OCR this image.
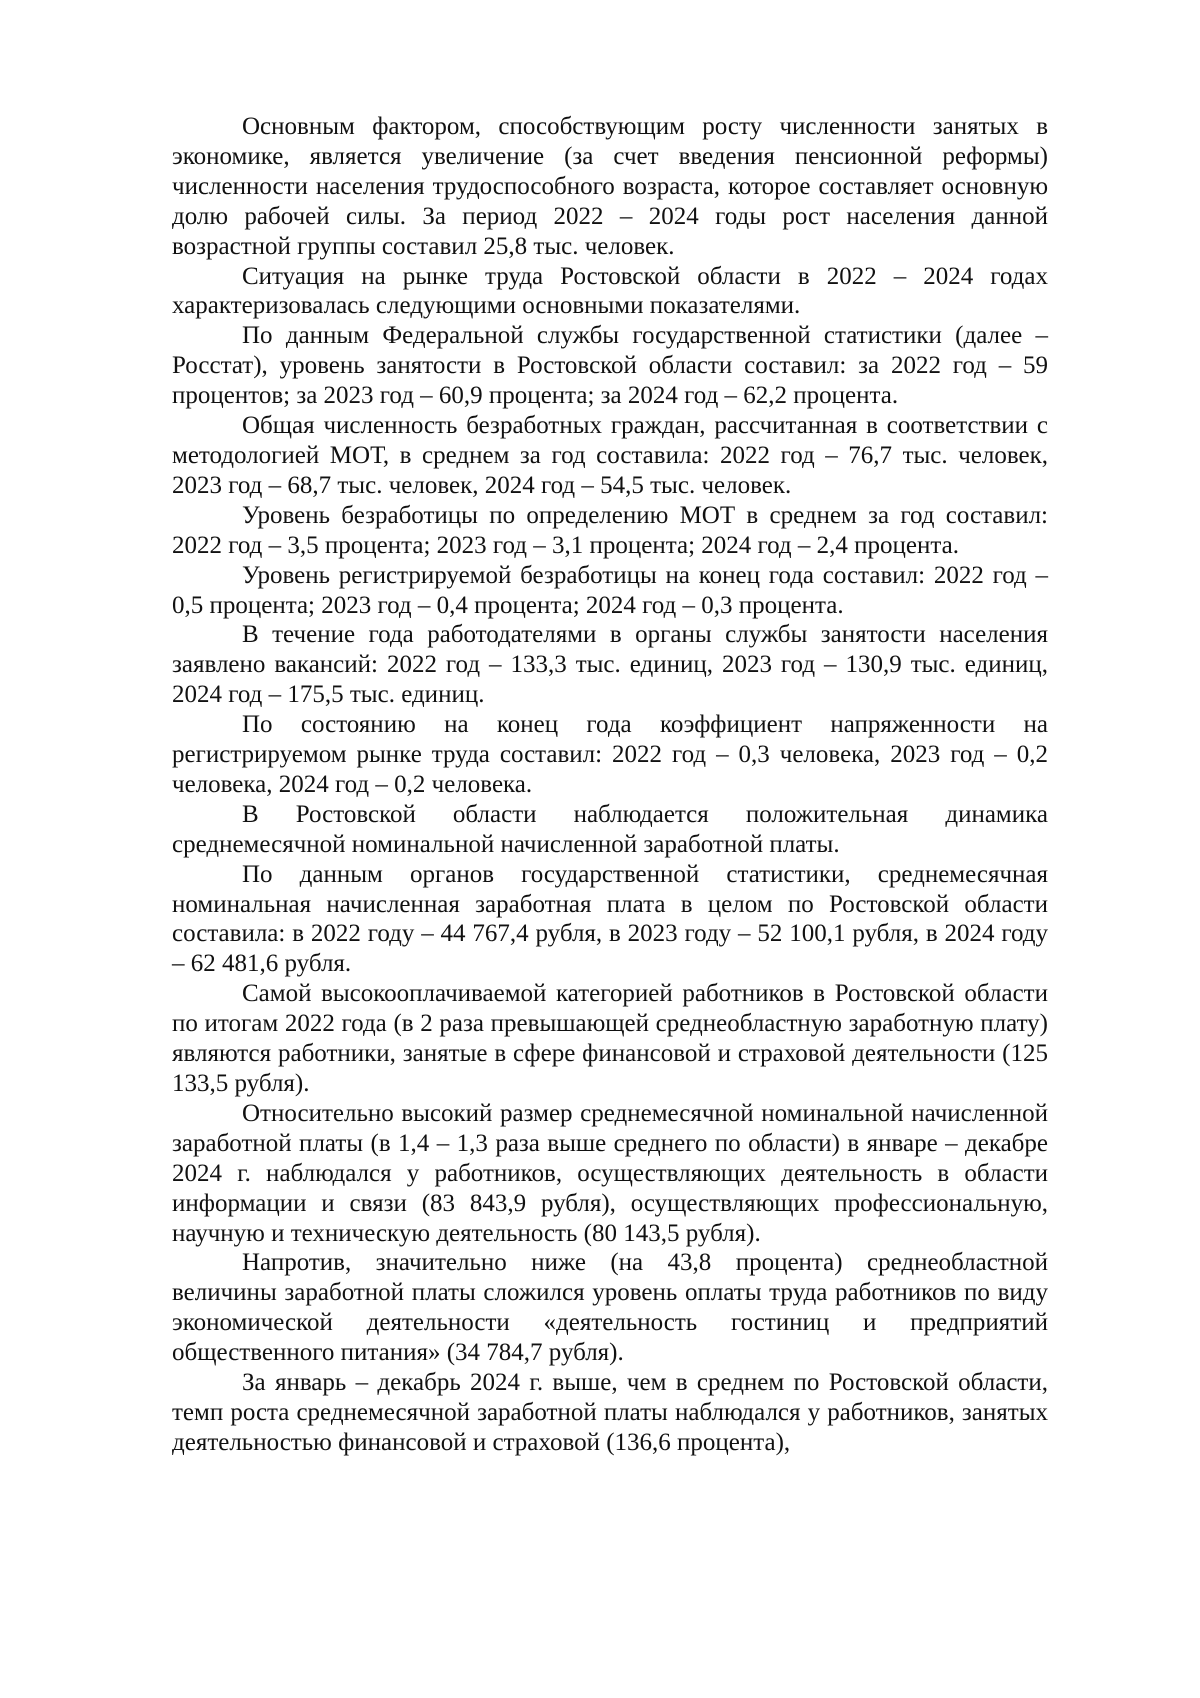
Основным фактором, способствующим росту численности занятых в экономике, является увеличение (за счет введения пенсионной реформы) численности населения трудоспособного возраста, которое составляет основную долю рабочей силы. За период 2022 – 2024 годы рост населения данной возрастной группы составил 25,8 тыс. человек.

Ситуация на рынке труда Ростовской области в 2022 – 2024 годах характеризовалась следующими основными показателями.

По данным Федеральной службы государственной статистики (далее – Росстат), уровень занятости в Ростовской области составил: за 2022 год – 59 процентов; за 2023 год – 60,9 процента; за 2024 год – 62,2 процента.

Общая численность безработных граждан, рассчитанная в соответствии с методологией МОТ, в среднем за год составила: 2022 год – 76,7 тыс. человек, 2023 год – 68,7 тыс. человек, 2024 год – 54,5 тыс. человек.

Уровень безработицы по определению МОТ в среднем за год составил: 2022 год – 3,5 процента; 2023 год – 3,1 процента; 2024 год – 2,4 процента.

Уровень регистрируемой безработицы на конец года составил: 2022 год – 0,5 процента; 2023 год – 0,4 процента; 2024 год – 0,3 процента.

В течение года работодателями в органы службы занятости населения заявлено вакансий: 2022 год – 133,3 тыс. единиц, 2023 год – 130,9 тыс. единиц, 2024 год – 175,5 тыс. единиц.

По состоянию на конец года коэффициент напряженности на регистрируемом рынке труда составил: 2022 год – 0,3 человека, 2023 год – 0,2 человека, 2024 год – 0,2 человека.

В Ростовской области наблюдается положительная динамика среднемесячной номинальной начисленной заработной платы.

По данным органов государственной статистики, среднемесячная номинальная начисленная заработная плата в целом по Ростовской области составила: в 2022 году – 44 767,4 рубля, в 2023 году – 52 100,1 рубля, в 2024 году – 62 481,6 рубля.

Самой высокооплачиваемой категорией работников в Ростовской области по итогам 2022 года (в 2 раза превышающей среднеобластную заработную плату) являются работники, занятые в сфере финансовой и страховой деятельности (125 133,5 рубля).

Относительно высокий размер среднемесячной номинальной начисленной заработной платы (в 1,4 – 1,3 раза выше среднего по области) в январе – декабре 2024 г. наблюдался у работников, осуществляющих деятельность в области информации и связи (83 843,9 рубля), осуществляющих профессиональную, научную и техническую деятельность (80 143,5 рубля).

Напротив, значительно ниже (на 43,8 процента) среднеобластной величины заработной платы сложился уровень оплаты труда работников по виду экономической деятельности «деятельность гостиниц и предприятий общественного питания» (34 784,7 рубля).

За январь – декабрь 2024 г. выше, чем в среднем по Ростовской области, темп роста среднемесячной заработной платы наблюдался у работников, занятых деятельностью финансовой и страховой (136,6 процента),
